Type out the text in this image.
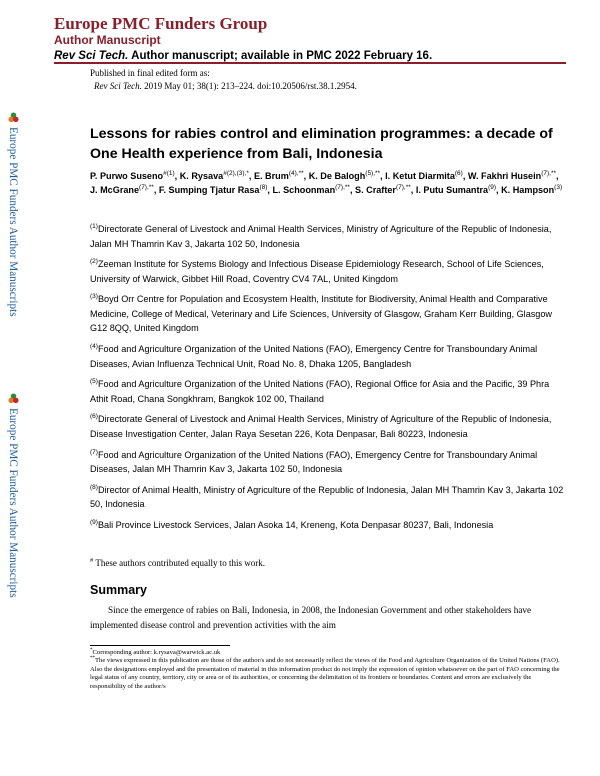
Europe PMC Funders Group
Author Manuscript
Rev Sci Tech. Author manuscript; available in PMC 2022 February 16.
Published in final edited form as:
Rev Sci Tech. 2019 May 01; 38(1): 213–224. doi:10.20506/rst.38.1.2954.
Lessons for rabies control and elimination programmes: a decade of One Health experience from Bali, Indonesia
P. Purwo Suseno$^{\#(1)}$, K. Rysava$^{\#(2),(3),*}$, E. Brum$^{(4),**}$, K. De Balogh$^{(5),**}$, I. Ketut Diarmita$^{(6)}$, W. Fakhri Husein$^{(7),**}$, J. McGrane$^{(7),**}$, F. Sumping Tjatur Rasa$^{(8)}$, L. Schoonman$^{(7),**}$, S. Crafter$^{(7),**}$, I. Putu Sumantra$^{(9)}$, K. Hampson$^{(3)}$
$^{(1)}$Directorate General of Livestock and Animal Health Services, Ministry of Agriculture of the Republic of Indonesia, Jalan MH Thamrin Kav 3, Jakarta 102 50, Indonesia
$^{(2)}$Zeeman Institute for Systems Biology and Infectious Disease Epidemiology Research, School of Life Sciences, University of Warwick, Gibbet Hill Road, Coventry CV4 7AL, United Kingdom
$^{(3)}$Boyd Orr Centre for Population and Ecosystem Health, Institute for Biodiversity, Animal Health and Comparative Medicine, College of Medical, Veterinary and Life Sciences, University of Glasgow, Graham Kerr Building, Glasgow G12 8QQ, United Kingdom
$^{(4)}$Food and Agriculture Organization of the United Nations (FAO), Emergency Centre for Transboundary Animal Diseases, Avian Influenza Technical Unit, Road No. 8, Dhaka 1205, Bangladesh
$^{(5)}$Food and Agriculture Organization of the United Nations (FAO), Regional Office for Asia and the Pacific, 39 Phra Athit Road, Chana Songkhram, Bangkok 102 00, Thailand
$^{(6)}$Directorate General of Livestock and Animal Health Services, Ministry of Agriculture of the Republic of Indonesia, Disease Investigation Center, Jalan Raya Sesetan 226, Kota Denpasar, Bali 80223, Indonesia
$^{(7)}$Food and Agriculture Organization of the United Nations (FAO), Emergency Centre for Transboundary Animal Diseases, Jalan MH Thamrin Kav 3, Jakarta 102 50, Indonesia
$^{(8)}$Director of Animal Health, Ministry of Agriculture of the Republic of Indonesia, Jalan MH Thamrin Kav 3, Jakarta 102 50, Indonesia
$^{(9)}$Bali Province Livestock Services, Jalan Asoka 14, Kreneng, Kota Denpasar 80237, Bali, Indonesia
# These authors contributed equally to this work.
Summary
Since the emergence of rabies on Bali, Indonesia, in 2008, the Indonesian Government and other stakeholders have implemented disease control and prevention activities with the aim
*Corresponding author: k.rysava@warwick.ac.uk
**The views expressed in this publication are those of the author/s and do not necessarily reflect the views of the Food and Agriculture Organization of the United Nations (FAO). Also the designations employed and the presentation of material in this information product do not imply the expression of opinion whatsoever on the part of FAO concerning the legal status of any country, territory, city or area or of its authorities, or concerning the delimitation of its frontiers or boundaries. Content and errors are exclusively the responsibility of the author/s
Europe PMC Funders Author Manuscripts
Europe PMC Funders Author Manuscripts
